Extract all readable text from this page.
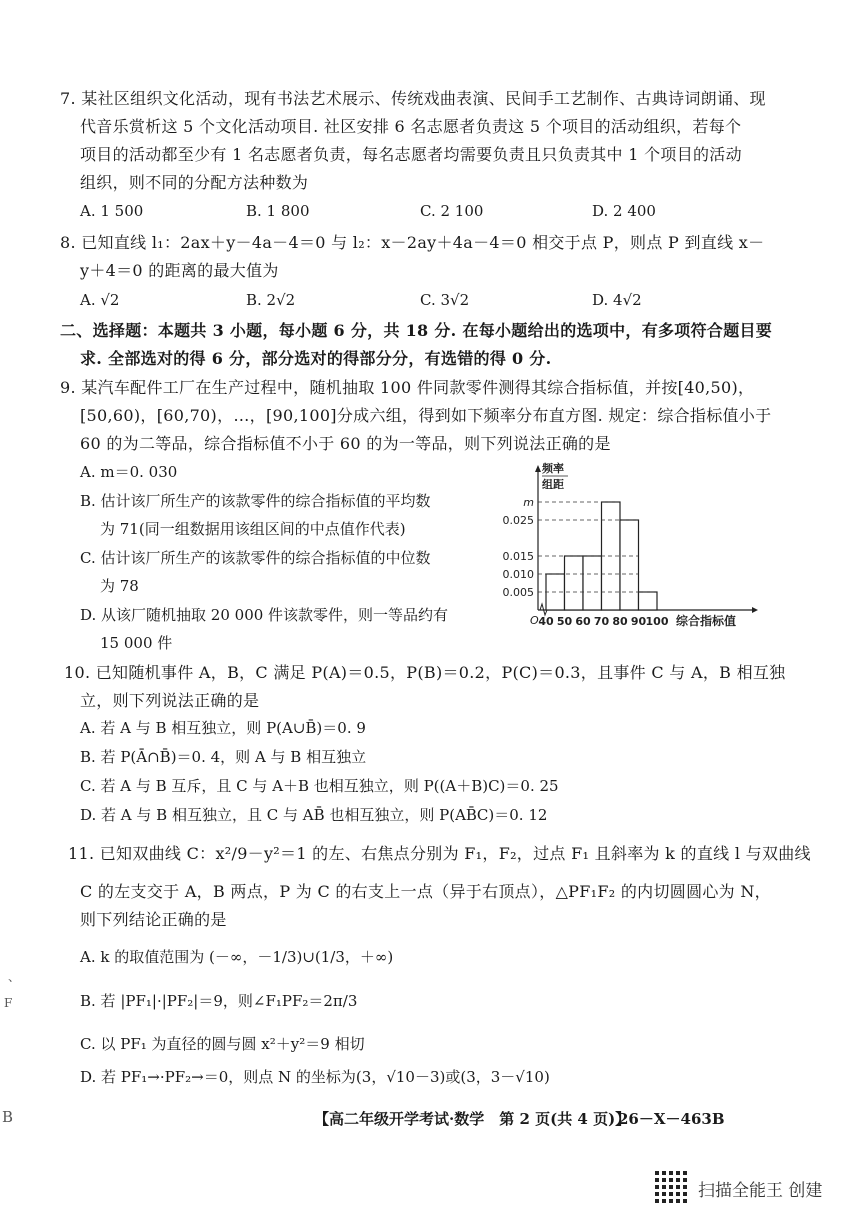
7. 某社区组织文化活动，现有书法艺术展示、传统戏曲表演、民间手工艺制作、古典诗词朗诵、现
代音乐赏析这 5 个文化活动项目. 社区安排 6 名志愿者负责这 5 个项目的活动组织，若每个
项目的活动都至少有 1 名志愿者负责，每名志愿者均需要负责且只负责其中 1 个项目的活动
组织，则不同的分配方法种数为
8. 已知直线 l₁：2ax＋y－4a－4＝0 与 l₂：x－2ay＋4a－4＝0 相交于点 P，则点 P 到直线 x－
y＋4＝0 的距离的最大值为
9. 某汽车配件工厂在生产过程中，随机抽取 100 件同款零件测得其综合指标值，并按[40,50)，
[50,60)，[60,70)，…，[90,100]分成六组，得到如下频率分布直方图. 规定：综合指标值小于
60 的为二等品，综合指标值不小于 60 的为一等品，则下列说法正确的是
10. 已知随机事件 A，B，C 满足 P(A)＝0.5，P(B)＝0.2，P(C)＝0.3，且事件 C 与 A，B 相互独
立，则下列说法正确的是
11. 已知双曲线 C：x²/9－y²＝1 的左、右焦点分别为 F₁，F₂，过点 F₁ 且斜率为 k 的直线 l 与双曲线
C 的左支交于 A，B 两点，P 为 C 的右支上一点（异于右顶点），△PF₁F₂ 的内切圆圆心为 N，
则下列结论正确的是
二、选择题：本题共 3 小题，每小题 6 分，共 18 分. 在每小题给出的选项中，有多项符合题目要
求. 全部选对的得 6 分，部分选对的得部分分，有选错的得 0 分.
A. 1 500	B. 1 800	C. 2 100	D. 2 400
A. √2	B. 2√2	C. 3√2	D. 4√2
A. m＝0. 030
B. 估计该厂所生产的该款零件的综合指标值的平均数
为 71(同一组数据用该组区间的中点值作代表)
C. 估计该厂所生产的该款零件的综合指标值的中位数
为 78
D. 从该厂随机抽取 20 000 件该款零件，则一等品约有
15 000 件
A. 若 A 与 B 相互独立，则 P(A∪B̄)＝0. 9
B. 若 P(Ā∩B̄)＝0. 4，则 A 与 B 相互独立
C. 若 A 与 B 互斥，且 C 与 A＋B 也相互独立，则 P((A＋B)C)＝0. 25
D. 若 A 与 B 相互独立，且 C 与 AB̄ 也相互独立，则 P(AB̄C)＝0. 12
A. k 的取值范围为 (－∞，－1/3)∪(1/3，＋∞)
B. 若 |PF₁|·|PF₂|＝9，则∠F₁PF₂＝2π/3
C. 以 PF₁ 为直径的圆与圆 x²＋y²＝9 相切
D. 若 PF₁→·PF₂→＝0，则点 N 的坐标为(3，√10－3)或(3，3－√10)
m
0.025
0.015
0.010
0.005
40 50 60 70 80 90 100
O	综合指标值
频率
组距
【高二年级开学考试·数学　第 2 页(共 4 页)】
26－X－463B
B
、
F
扫描全能王 创建
